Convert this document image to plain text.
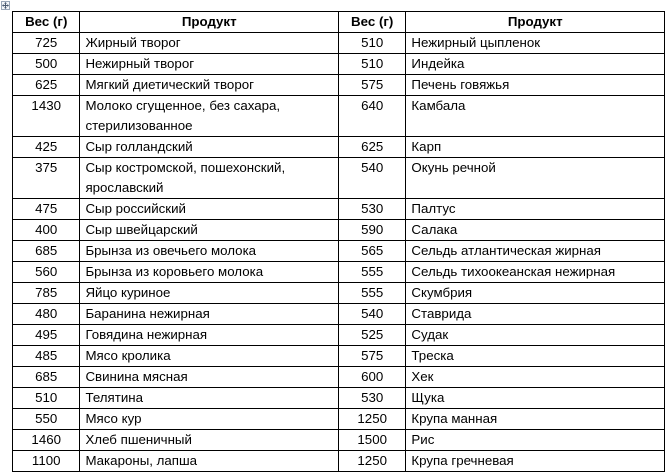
Вес (г)	Продукт	Вес (г)	Продукт
725	Жирный творог	510	Нежирный цыпленок
500	Нежирный творог	510	Индейка
625	Мягкий диетический творог	575	Печень говяжья
1430	Молоко сгущенное, без сахара, стерилизованное	640	Камбала
425	Сыр голландский	625	Карп
375	Сыр костромской, пошехонский, ярославский	540	Окунь речной
475	Сыр российский	530	Палтус
400	Сыр швейцарский	590	Салака
685	Брынза из овечьего молока	565	Сельдь атлантическая жирная
560	Брынза из коровьего молока	555	Сельдь тихоокеанская нежирная
785	Яйцо куриное	555	Скумбрия
480	Баранина нежирная	540	Ставрида
495	Говядина нежирная	525	Судак
485	Мясо кролика	575	Треска
685	Свинина мясная	600	Хек
510	Телятина	530	Щука
550	Мясо кур	1250	Крупа манная
1460	Хлеб пшеничный	1500	Рис
1100	Макароны, лапша	1250	Крупа гречневая
